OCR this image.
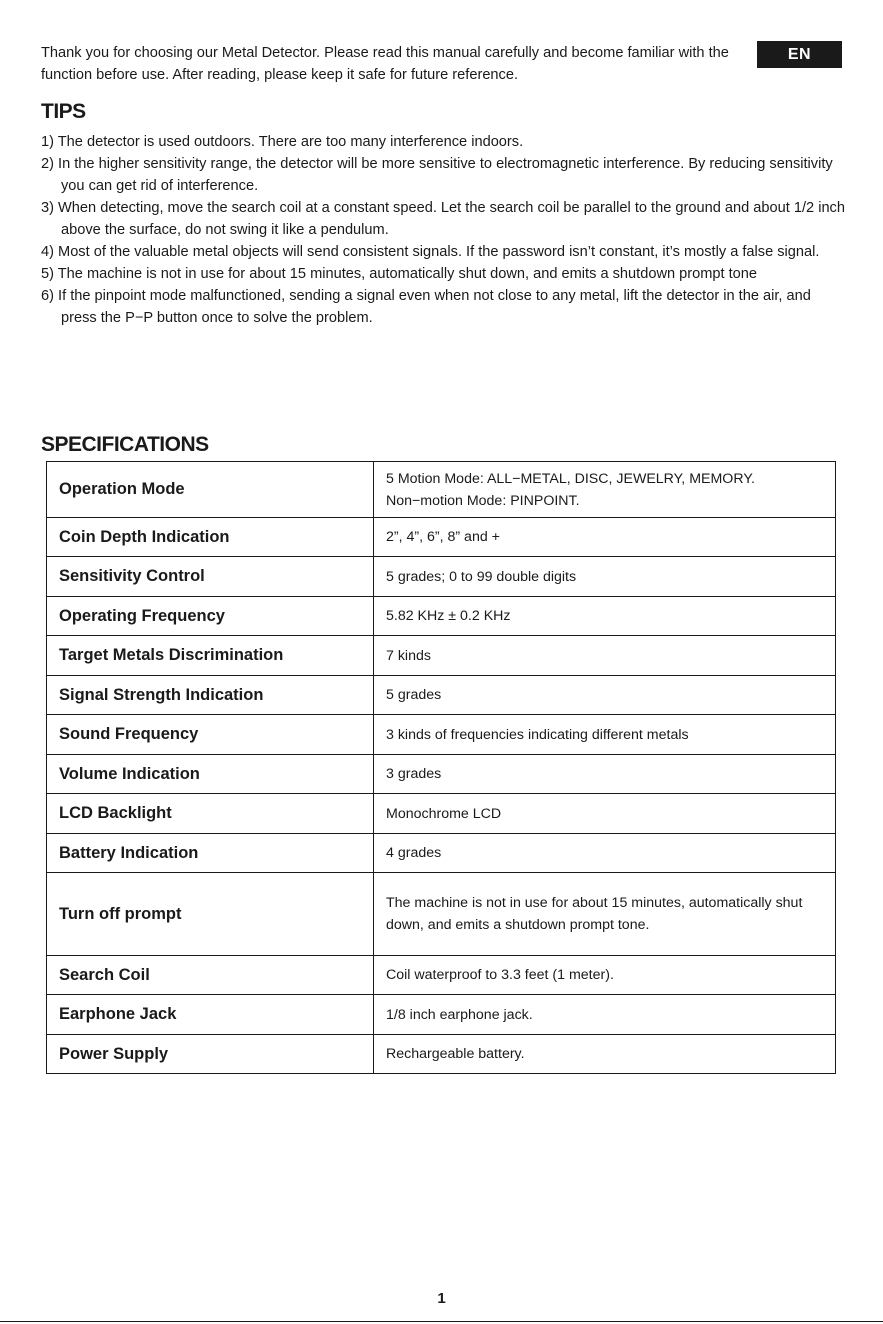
Thank you for choosing our Metal Detector. Please read this manual carefully and become familiar with the function before use. After reading, please keep it safe for future reference.

EN
TIPS
1) The detector is used outdoors. There are too many interference indoors.
2) In the higher sensitivity range, the detector will be more sensitive to electromagnetic interference. By reducing sensitivity you can get rid of interference.
3) When detecting, move the search coil at a constant speed. Let the search coil be parallel to the ground and about 1/2 inch above the surface, do not swing it like a pendulum.
4) Most of the valuable metal objects will send consistent signals. If the password isn’t constant, it’s mostly a false signal.
5) The machine is not in use for about 15 minutes, automatically shut down, and emits a shutdown prompt tone
6) If the pinpoint mode malfunctioned, sending a signal even when not close to any metal, lift the detector in the air, and press the P−P button once to solve the problem.
SPECIFICATIONS
Operation Mode	5 Motion Mode: ALL−METAL, DISC, JEWELRY, MEMORY. Non−motion Mode: PINPOINT.
Coin Depth Indication	2”, 4”, 6”, 8” and +
Sensitivity Control	5 grades; 0 to 99 double digits
Operating Frequency	5.82 KHz ± 0.2 KHz
Target Metals Discrimination	7 kinds
Signal Strength Indication	5 grades
Sound Frequency	3 kinds of frequencies indicating different metals
Volume Indication	3 grades
LCD Backlight	Monochrome LCD
Battery Indication	4 grades
Turn off prompt	The machine is not in use for about 15 minutes, automatically shut down, and emits a shutdown prompt tone.
Search Coil	Coil waterproof to 3.3 feet (1 meter).
Earphone Jack	1/8 inch earphone jack.
Power Supply	Rechargeable battery.
1
